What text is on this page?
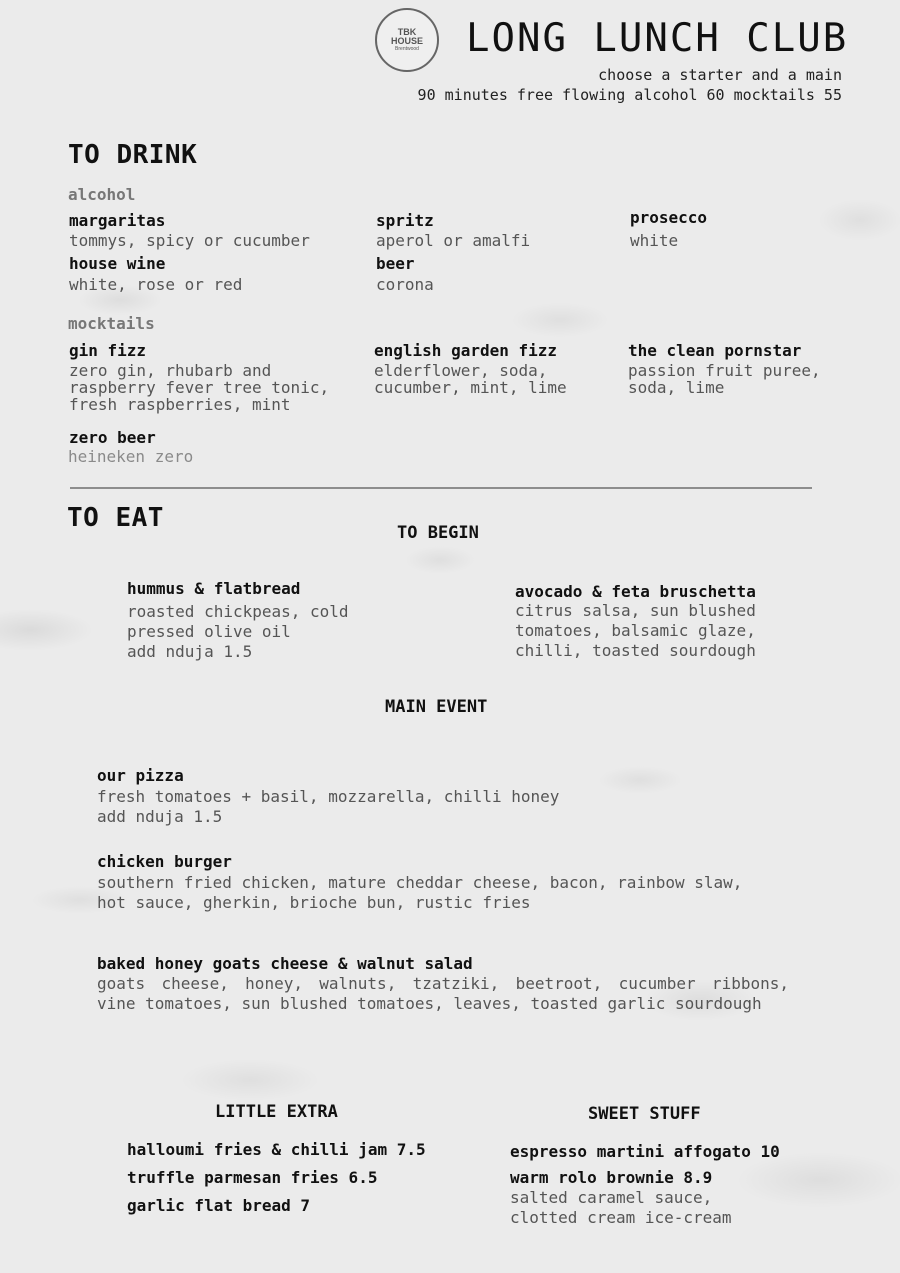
TBK
HOUSE
Brentwood LONG LUNCH CLUB
choose a starter and a main
90 minutes free flowing alcohol 60 mocktails 55
TO DRINK
alcohol
margaritas
tommys, spicy or cucumber
spritz
aperol or amalfi
prosecco
white
house wine
white, rose or red
beer
corona
mocktails
gin fizz
zero gin, rhubarb and
raspberry fever tree tonic,
fresh raspberries, mint
english garden fizz
elderflower, soda,
cucumber, mint, lime
the clean pornstar
passion fruit puree,
soda, lime
zero beer
heineken zero
TO EAT	TO BEGIN
hummus & flatbread
roasted chickpeas, cold
pressed olive oil
add nduja 1.5
avocado & feta bruschetta
citrus salsa, sun blushed
tomatoes, balsamic glaze,
chilli, toasted sourdough
MAIN EVENT
our pizza
fresh tomatoes + basil, mozzarella, chilli honey
add nduja 1.5
chicken burger
southern fried chicken, mature cheddar cheese, bacon, rainbow slaw,
hot sauce, gherkin, brioche bun, rustic fries
baked honey goats cheese & walnut salad
goats cheese, honey, walnuts, tzatziki, beetroot, cucumber ribbons, vine tomatoes, sun blushed tomatoes, leaves, toasted garlic sourdough
LITTLE EXTRA
halloumi fries & chilli jam 7.5
truffle parmesan fries 6.5
garlic flat bread 7
SWEET STUFF
espresso martini affogato 10
warm rolo brownie 8.9
salted caramel sauce,
clotted cream ice-cream
